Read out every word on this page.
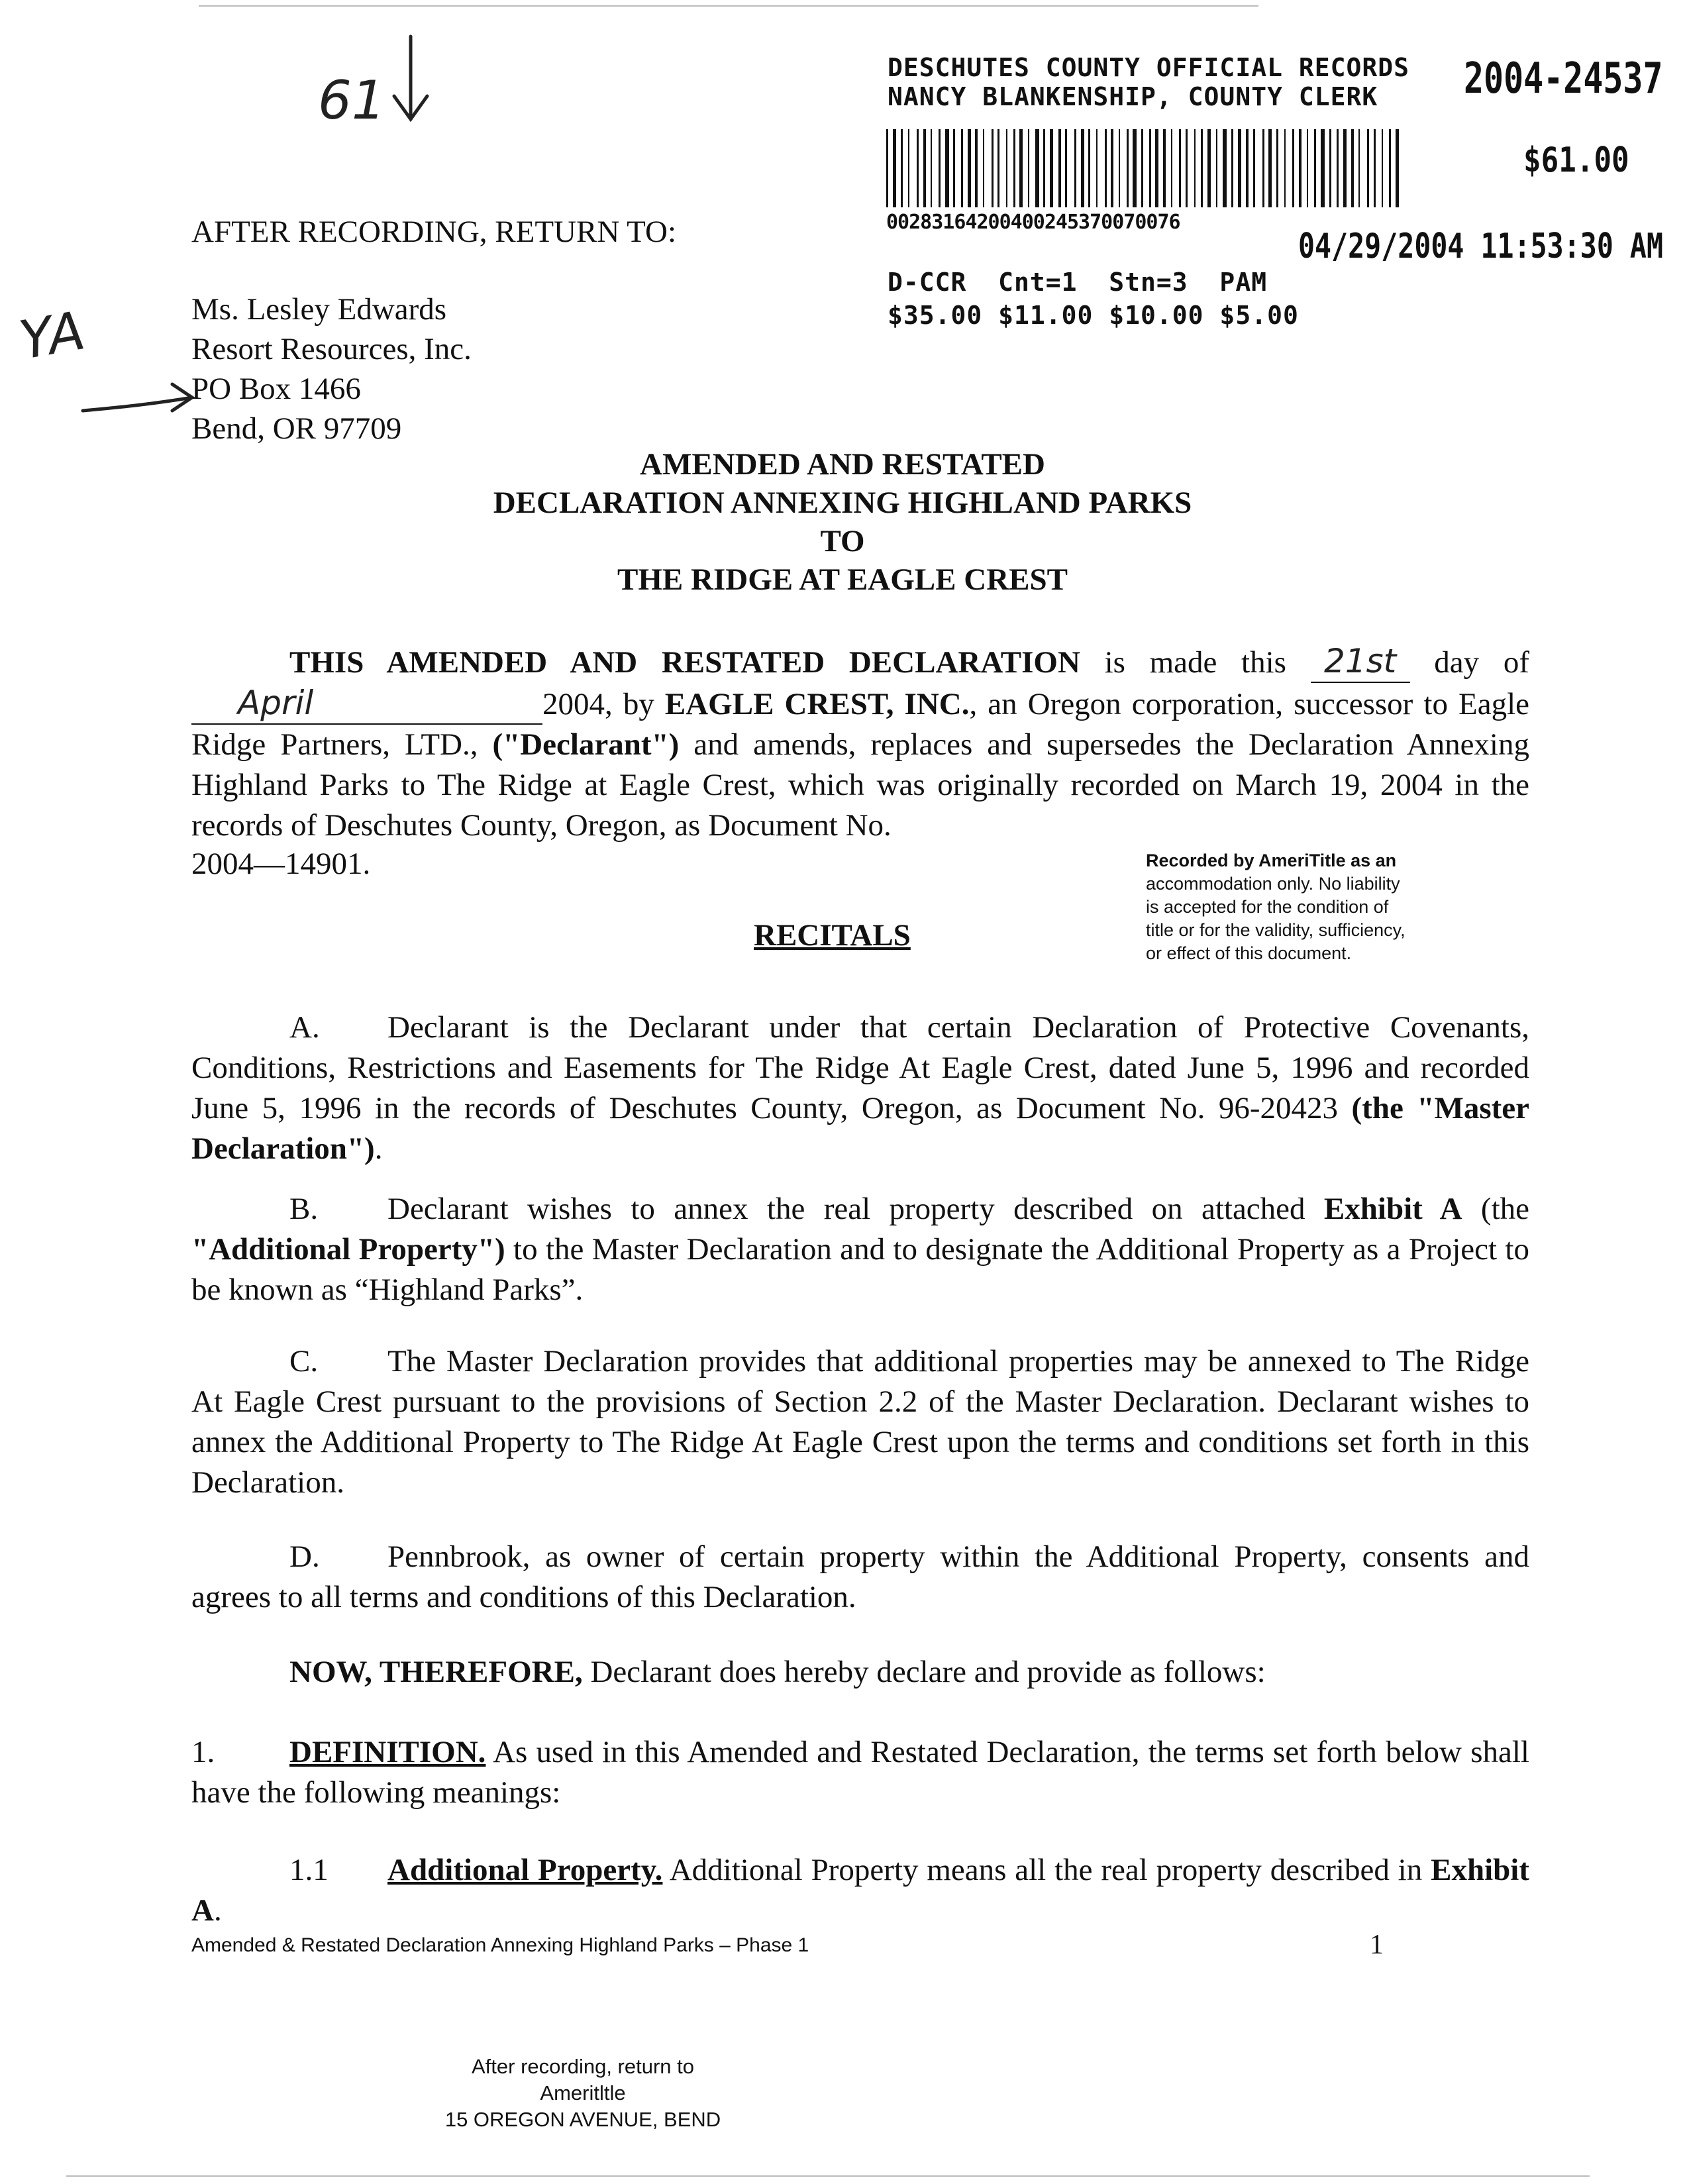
61
YA
DESCHUTES COUNTY OFFICIAL RECORDS
NANCY BLANKENSHIP, COUNTY CLERK 2004-24537
$61.00
00283164200400245370070076
04/29/2004 11:53:30 AM
D-CCR  Cnt=1  Stn=3  PAM
$35.00 $11.00 $10.00 $5.00
AFTER RECORDING, RETURN TO:
Ms. Lesley Edwards
Resort Resources, Inc.
PO Box 1466
Bend, OR 97709
AMENDED AND RESTATED
DECLARATION ANNEXING HIGHLAND PARKS
TO
THE RIDGE AT EAGLE CREST
THIS AMENDED AND RESTATED DECLARATION is made this 21st day of April	2004, by EAGLE CREST, INC., an Oregon corporation, successor to Eagle Ridge Partners, LTD., ("Declarant") and amends, replaces and supersedes the Declaration Annexing Highland Parks to The Ridge at Eagle Crest, which was originally recorded on March 19, 2004 in the records of Deschutes County, Oregon, as Document No.
2004—14901.	Recorded by AmeriTitle as an
accommodation only. No liability
is accepted for the condition of
title or for the validity, sufficiency,
or effect of this document.
RECITALS
A. Declarant is the Declarant under that certain Declaration of Protective Covenants, Conditions, Restrictions and Easements for The Ridge At Eagle Crest, dated June 5, 1996 and recorded June 5, 1996 in the records of Deschutes County, Oregon, as Document No. 96-20423 (the "Master Declaration").
B. Declarant wishes to annex the real property described on attached Exhibit A (the "Additional Property") to the Master Declaration and to designate the Additional Property as a Project to be known as “Highland Parks”.
C. The Master Declaration provides that additional properties may be annexed to The Ridge At Eagle Crest pursuant to the provisions of Section 2.2 of the Master Declaration. Declarant wishes to annex the Additional Property to The Ridge At Eagle Crest upon the terms and conditions set forth in this Declaration.
D. Pennbrook, as owner of certain property within the Additional Property, consents and agrees to all terms and conditions of this Declaration.
NOW, THEREFORE, Declarant does hereby declare and provide as follows:
1. DEFINITION. As used in this Amended and Restated Declaration, the terms set forth below shall have the following meanings:
1.1 Additional Property. Additional Property means all the real property described in Exhibit A.
Amended & Restated Declaration Annexing Highland Parks – Phase 1	1
After recording, return to
Ameritltle
15 OREGON AVENUE, BEND
